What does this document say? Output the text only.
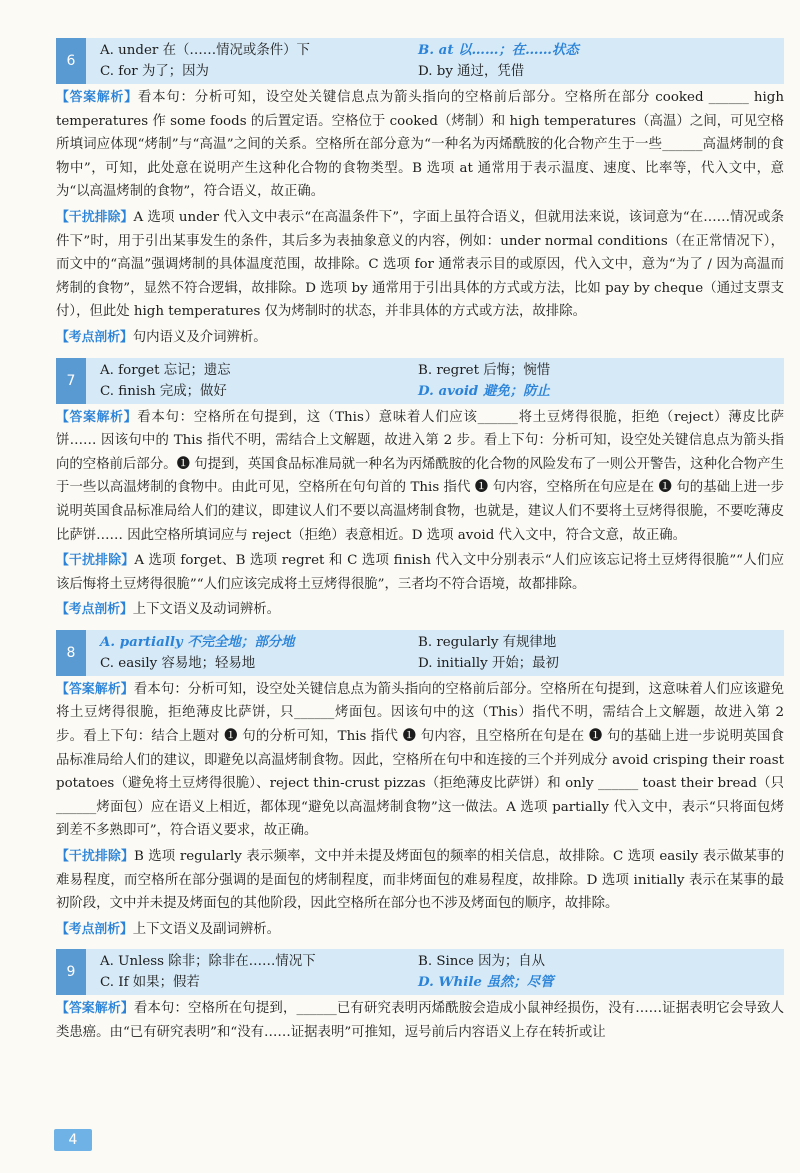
6
A. under 在（……情况或条件）下	B. at 以……；在……状态
C. for 为了；因为	D. by 通过，凭借

【答案解析】看本句：分析可知，设空处关键信息点为箭头指向的空格前后部分。空格所在部分 cooked ______ high temperatures 作 some foods 的后置定语。空格位于 cooked（烤制）和 high temperatures（高温）之间，可见空格所填词应体现“烤制”与“高温”之间的关系。空格所在部分意为“一种名为丙烯酰胺的化合物产生于一些______高温烤制的食物中”，可知，此处意在说明产生这种化合物的食物类型。B 选项 at 通常用于表示温度、速度、比率等，代入文中，意为“以高温烤制的食物”，符合语义，故正确。

【干扰排除】A 选项 under 代入文中表示“在高温条件下”，字面上虽符合语义，但就用法来说，该词意为“在……情况或条件下”时，用于引出某事发生的条件，其后多为表抽象意义的内容，例如：under normal conditions（在正常情况下），而文中的“高温”强调烤制的具体温度范围，故排除。C 选项 for 通常表示目的或原因，代入文中，意为“为了 / 因为高温而烤制的食物”，显然不符合逻辑，故排除。D 选项 by 通常用于引出具体的方式或方法，比如 pay by cheque（通过支票支付），但此处 high temperatures 仅为烤制时的状态，并非具体的方式或方法，故排除。

【考点剖析】句内语义及介词辨析。

7
A. forget 忘记；遗忘	B. regret 后悔；惋惜
C. finish 完成；做好	D. avoid 避免；防止

【答案解析】看本句：空格所在句提到，这（This）意味着人们应该______将土豆烤得很脆，拒绝（reject）薄皮比萨饼…… 因该句中的 This 指代不明，需结合上文解题，故进入第 2 步。看上下句：分析可知，设空处关键信息点为箭头指向的空格前后部分。❶ 句提到，英国食品标准局就一种名为丙烯酰胺的化合物的风险发布了一则公开警告，这种化合物产生于一些以高温烤制的食物中。由此可见，空格所在句句首的 This 指代 ❶ 句内容，空格所在句应是在 ❶ 句的基础上进一步说明英国食品标准局给人们的建议，即建议人们不要以高温烤制食物，也就是，建议人们不要将土豆烤得很脆，不要吃薄皮比萨饼…… 因此空格所填词应与 reject（拒绝）表意相近。D 选项 avoid 代入文中，符合文意，故正确。

【干扰排除】A 选项 forget、B 选项 regret 和 C 选项 finish 代入文中分别表示“人们应该忘记将土豆烤得很脆”“人们应该后悔将土豆烤得很脆”“人们应该完成将土豆烤得很脆”，三者均不符合语境，故都排除。

【考点剖析】上下文语义及动词辨析。

8
A. partially 不完全地；部分地	B. regularly 有规律地
C. easily 容易地；轻易地	D. initially 开始；最初

【答案解析】看本句：分析可知，设空处关键信息点为箭头指向的空格前后部分。空格所在句提到，这意味着人们应该避免将土豆烤得很脆，拒绝薄皮比萨饼，只______烤面包。因该句中的这（This）指代不明，需结合上文解题，故进入第 2 步。看上下句：结合上题对 ❶ 句的分析可知，This 指代 ❶ 句内容，且空格所在句是在 ❶ 句的基础上进一步说明英国食品标准局给人们的建议，即避免以高温烤制食物。因此，空格所在句中和连接的三个并列成分 avoid crisping their roast potatoes（避免将土豆烤得很脆）、reject thin-crust pizzas（拒绝薄皮比萨饼）和 only ______ toast their bread（只______烤面包）应在语义上相近，都体现“避免以高温烤制食物”这一做法。A 选项 partially 代入文中，表示“只将面包烤到差不多熟即可”，符合语义要求，故正确。

【干扰排除】B 选项 regularly 表示频率，文中并未提及烤面包的频率的相关信息，故排除。C 选项 easily 表示做某事的难易程度，而空格所在部分强调的是面包的烤制程度，而非烤面包的难易程度，故排除。D 选项 initially 表示在某事的最初阶段，文中并未提及烤面包的其他阶段，因此空格所在部分也不涉及烤面包的顺序，故排除。

【考点剖析】上下文语义及副词辨析。

9
A. Unless 除非；除非在……情况下	B. Since 因为；自从
C. If 如果；假若	D. While 虽然；尽管

【答案解析】看本句：空格所在句提到，______已有研究表明丙烯酰胺会造成小鼠神经损伤，没有……证据表明它会导致人类患癌。由“已有研究表明”和“没有……证据表明”可推知，逗号前后内容语义上存在转折或让

4
